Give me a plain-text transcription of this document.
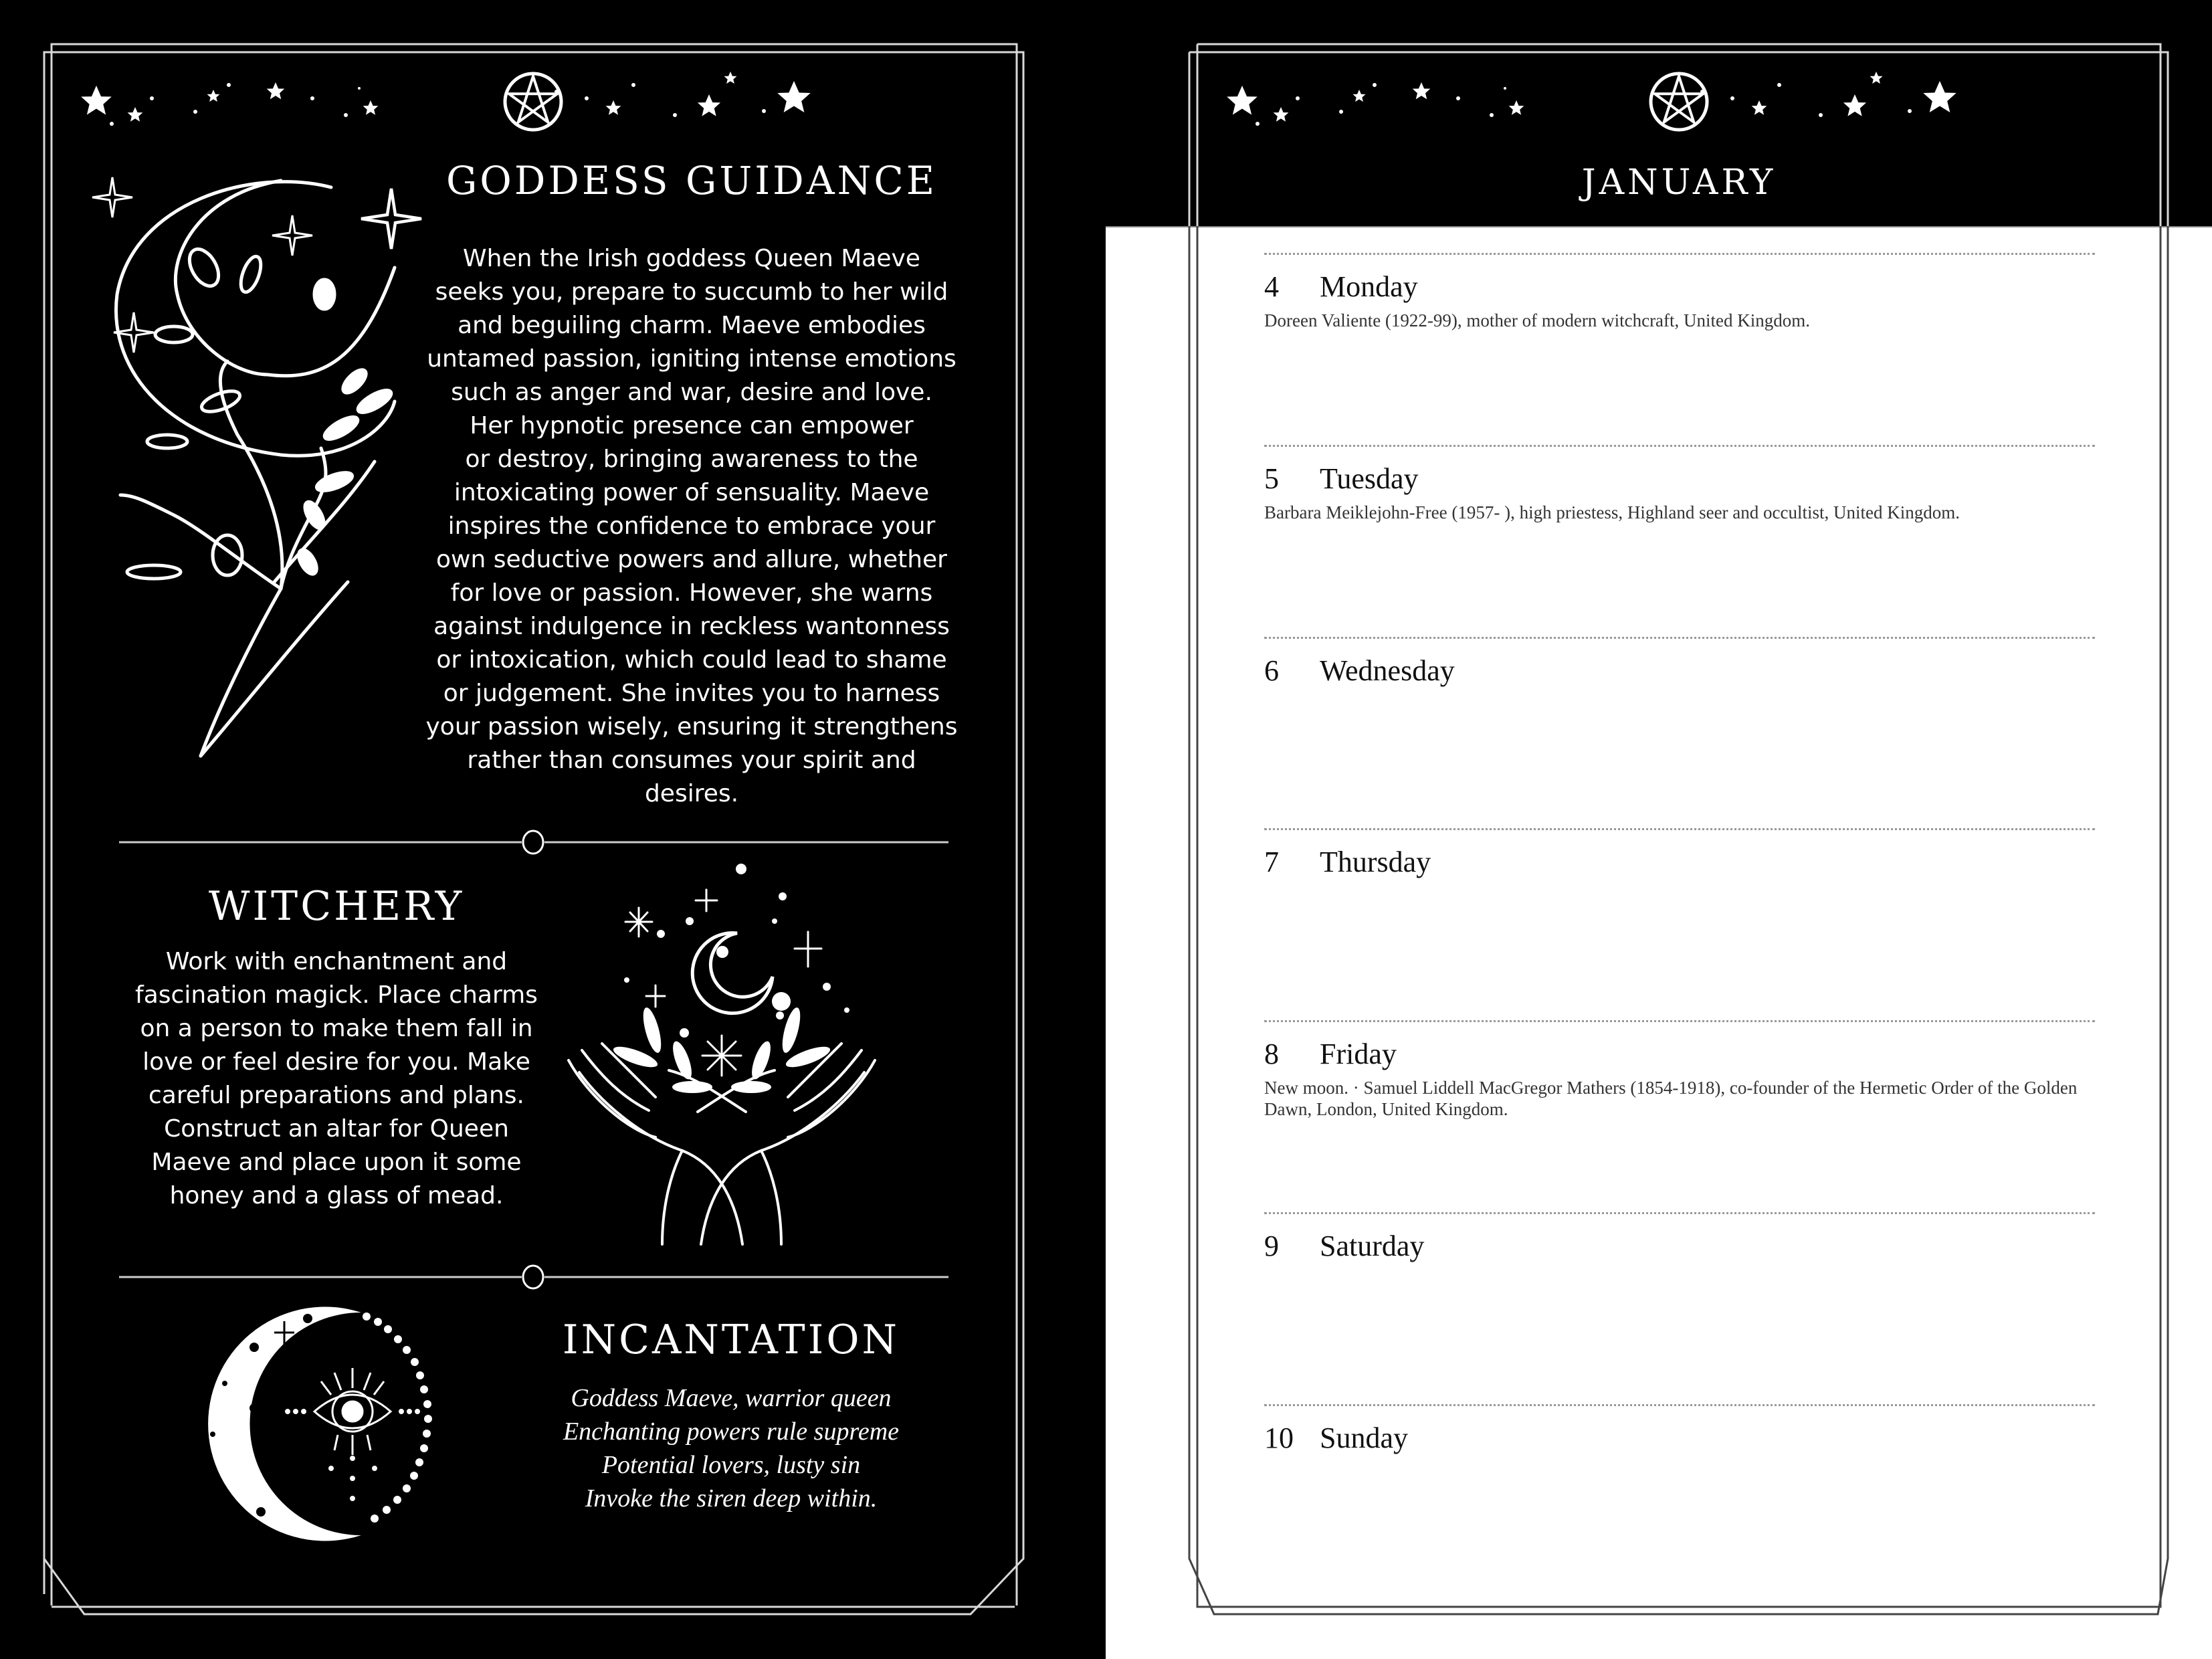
GODDESS GUIDANCE
When the Irish goddess Queen Maeve
seeks you, prepare to succumb to her wild
and beguiling charm. Maeve embodies
untamed passion, igniting intense emotions
such as anger and war, desire and love.
Her hypnotic presence can empower
or destroy, bringing awareness to the
intoxicating power of sensuality. Maeve
inspires the confidence to embrace your
own seductive powers and allure, whether
for love or passion. However, she warns
against indulgence in reckless wantonness
or intoxication, which could lead to shame
or judgement. She invites you to harness
your passion wisely, ensuring it strengthens
rather than consumes your spirit and desires.
WITCHERY
Work with enchantment and
fascination magick. Place charms
on a person to make them fall in
love or feel desire for you. Make
careful preparations and plans.
Construct an altar for Queen
Maeve and place upon it some
honey and a glass of mead.
INCANTATION
Goddess Maeve, warrior queen
Enchanting powers rule supreme
Potential lovers, lusty sin
Invoke the siren deep within.
JANUARY
4 Monday
Doreen Valiente (1922-99), mother of modern witchcraft, United Kingdom.
5 Tuesday
Barbara Meiklejohn-Free (1957- ), high priestess, Highland seer and occultist, United Kingdom.
6 Wednesday
7 Thursday
8 Friday
New moon. · Samuel Liddell MacGregor Mathers (1854-1918), co-founder of the Hermetic Order of the Golden Dawn, London, United Kingdom.
9 Saturday
10 Sunday
